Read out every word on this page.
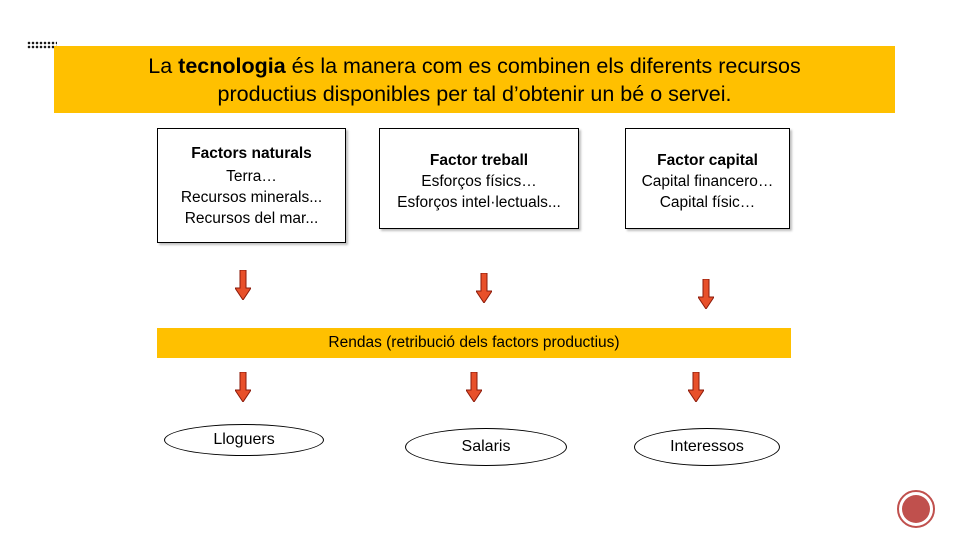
La tecnologia és la manera com es combinen els diferents recursos
productius disponibles per tal d’obtenir un bé o servei.
Factors naturals
Terra…
Recursos minerals...
Recursos del mar...
Factor treball
Esforços físics…
Esforços intel·lectuals...
Factor capital
Capital financero…
Capital físic…
Rendas (retribució dels factors productius)
Lloguers	Salaris	Interessos
